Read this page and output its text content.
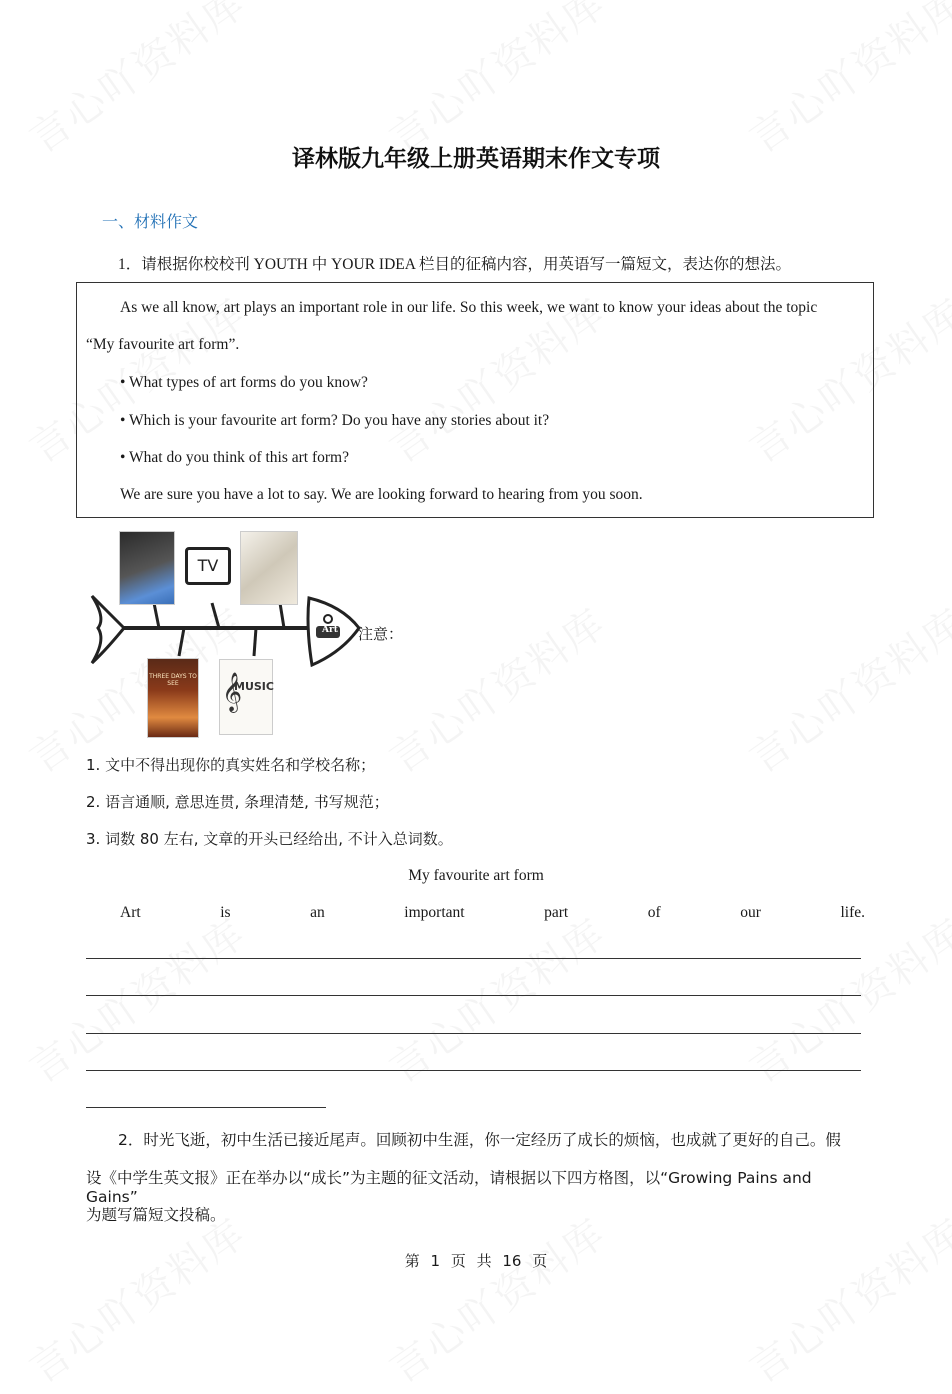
译林版九年级上册英语期末作文专项
一、材料作文
1．请根据你校校刊 YOUTH 中 YOUR IDEA 栏目的征稿内容，用英语写一篇短文，表达你的想法。
As we all know, art plays an important role in our life. So this week, we want to know your ideas about the topic
“My favourite art form”.
• What types of art forms do you know?
• Which is your favourite art form? Do you have any stories about it?
• What do you think of this art form?
We are sure you have a lot to say. We are looking forward to hearing from you soon.
TV
THREE DAYS TO SEE	MUSIC
𝄞
Art 注意：
1. 文中不得出现你的真实姓名和学校名称；
2. 语言通顺, 意思连贯, 条理清楚, 书写规范；
3. 词数 80 左右, 文章的开头已经给出, 不计入总词数。
My favourite art form
Art	is	an	important	part	of	our	life.
2．时光飞逝，初中生活已接近尾声。回顾初中生涯，你一定经历了成长的烦恼，也成就了更好的自己。假
设《中学生英文报》正在举办以“成长”为主题的征文活动，请根据以下四方格图，以“Growing Pains and Gains”
为题写篇短文投稿。
第 1 页 共 16 页
